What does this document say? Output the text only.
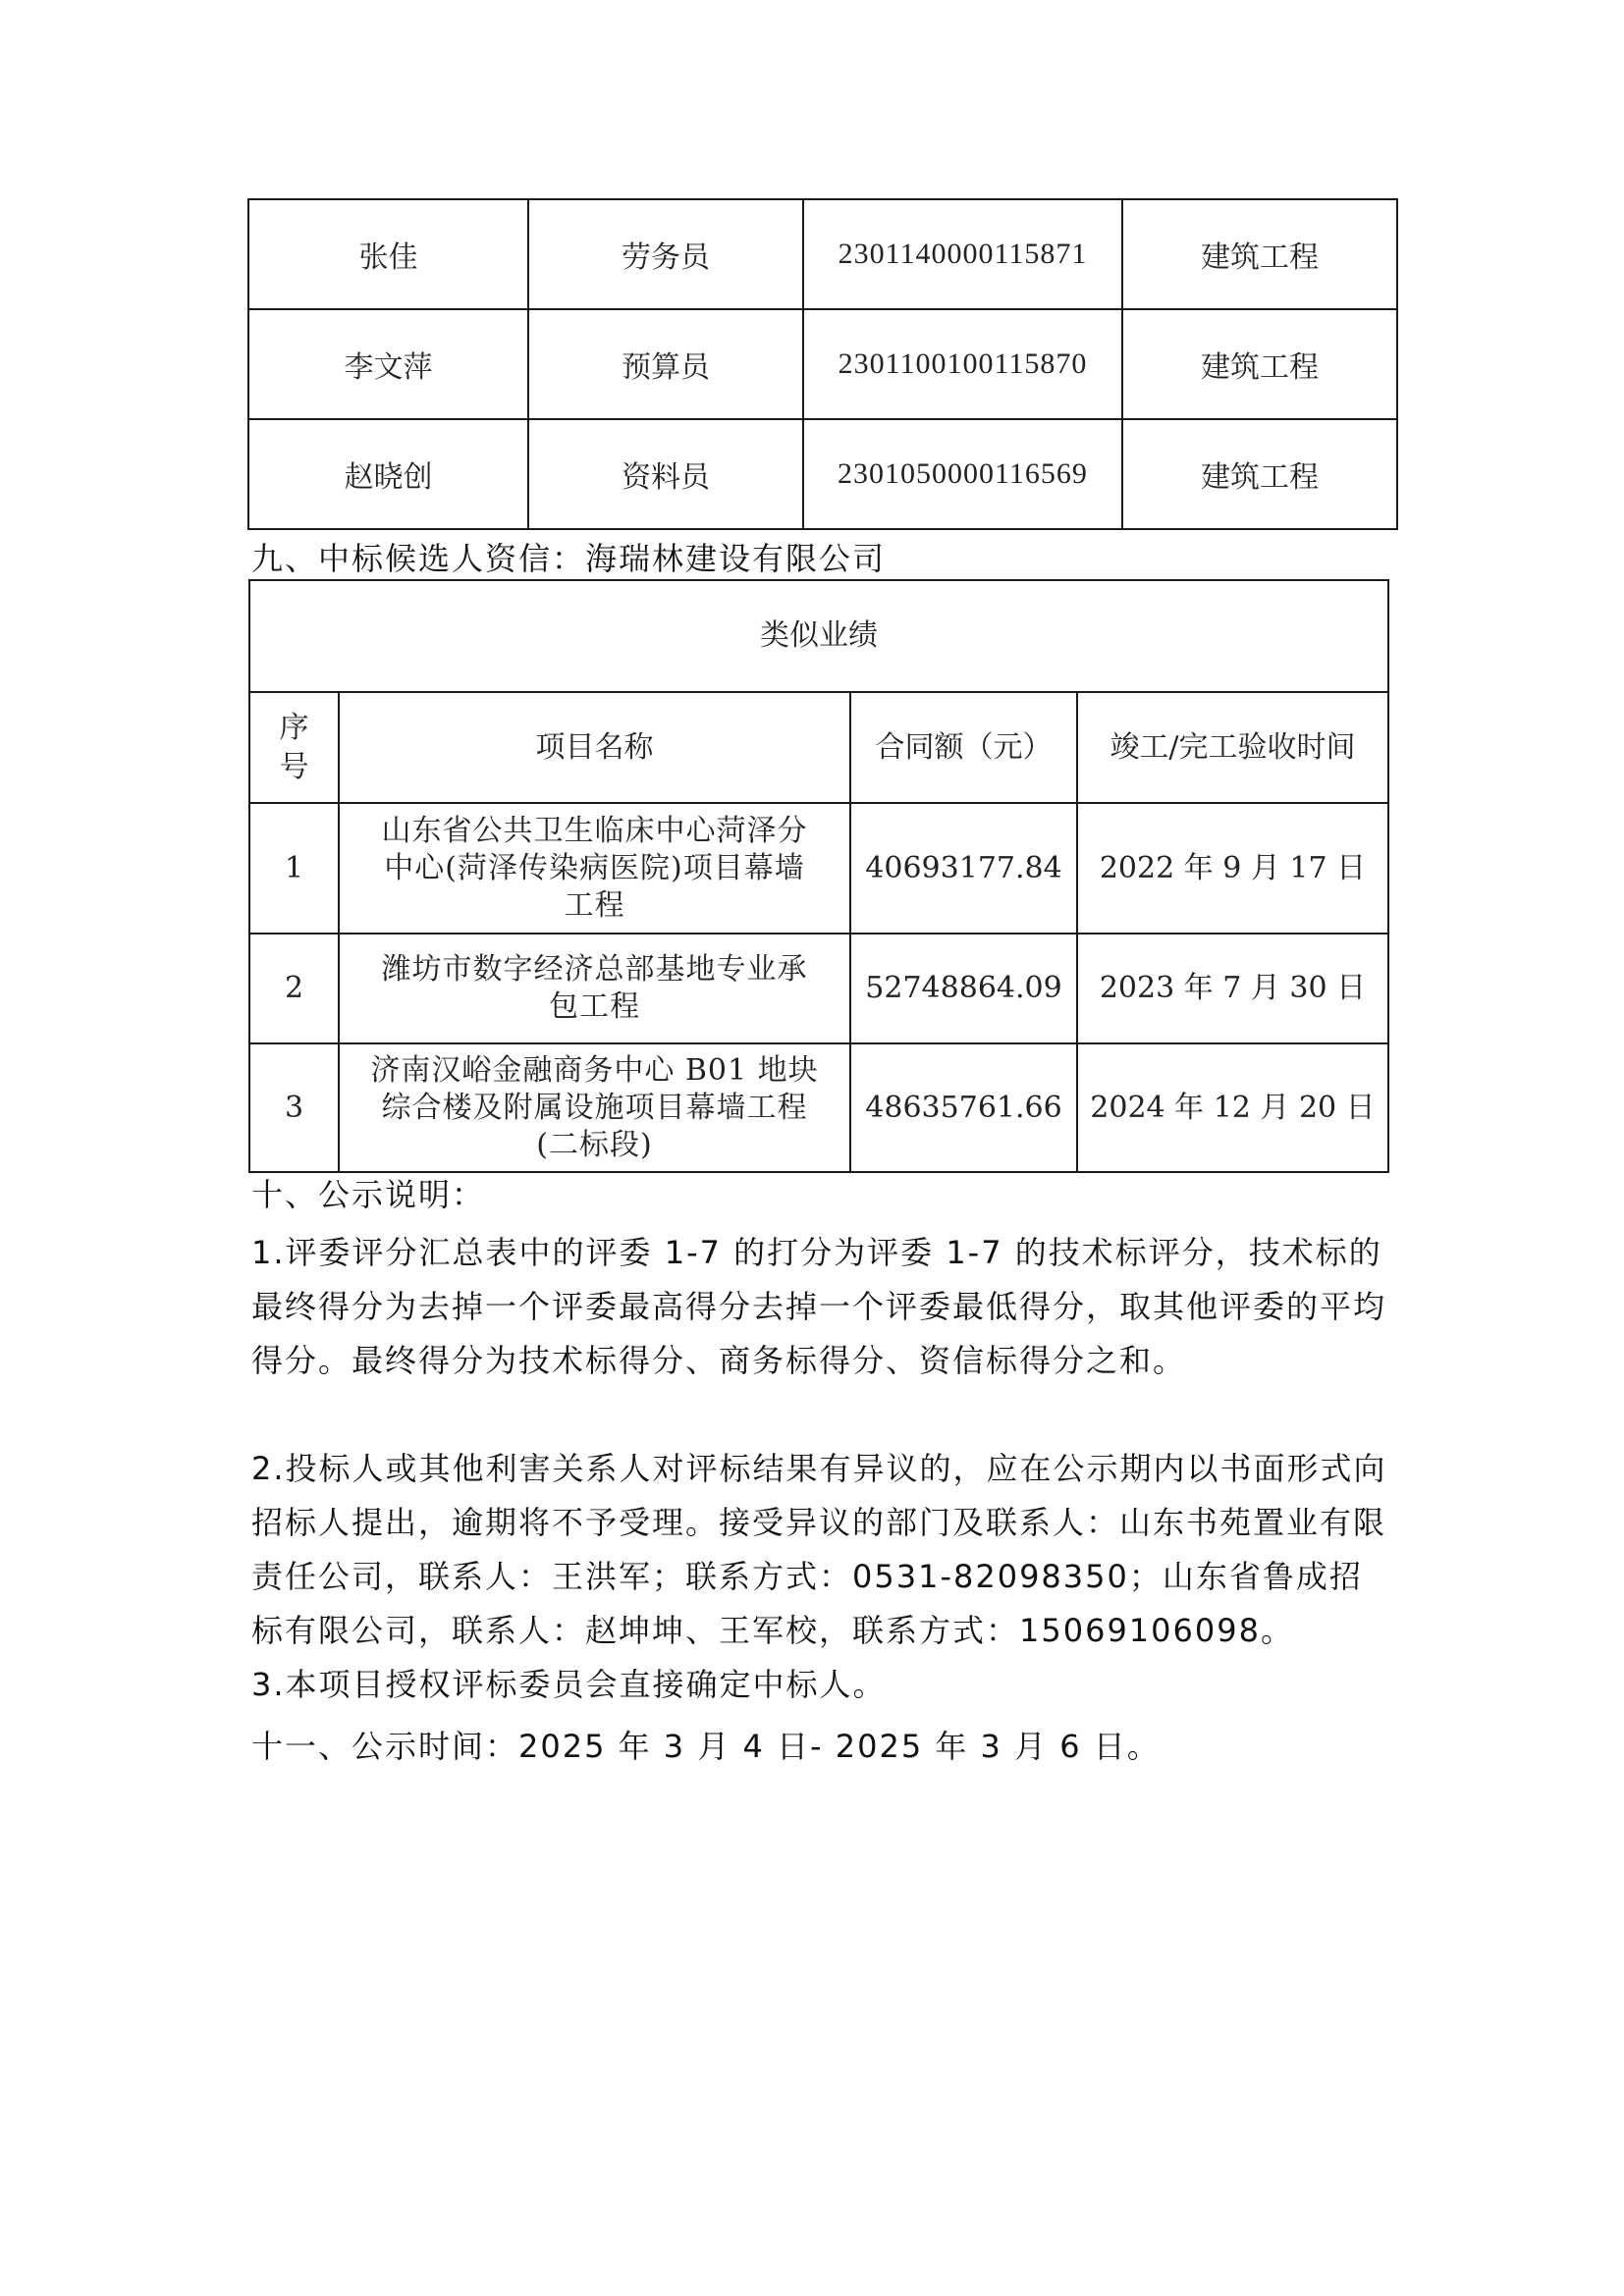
张佳	劳务员	2301140000115871	建筑工程
李文萍	预算员	2301100100115870	建筑工程
赵晓创	资料员	2301050000116569	建筑工程

九、中标候选人资信：海瑞林建设有限公司

类似业绩			
序
号	项目名称	合同额（元）	竣工/完工验收时间
1	山东省公共卫生临床中心菏泽分
中心(菏泽传染病医院)项目幕墙
工程	40693177.84	2022 年 9 月 17 日
2	潍坊市数字经济总部基地专业承
包工程	52748864.09	2023 年 7 月 30 日
3	济南汉峪金融商务中心 B01 地块
综合楼及附属设施项目幕墙工程
(二标段)	48635761.66	2024 年 12 月 20 日

十、公示说明：

1.评委评分汇总表中的评委 1-7 的打分为评委 1-7 的技术标评分，技术标的最终得分为去掉一个评委最高得分去掉一个评委最低得分，取其他评委的平均得分。最终得分为技术标得分、商务标得分、资信标得分之和。

2.投标人或其他利害关系人对评标结果有异议的，应在公示期内以书面形式向招标人提出，逾期将不予受理。接受异议的部门及联系人：山东书苑置业有限责任公司，联系人：王洪军；联系方式：0531-82098350；山东省鲁成招标有限公司，联系人：赵坤坤、王军校，联系方式：15069106098。

3.本项目授权评标委员会直接确定中标人。

十一、公示时间：2025 年 3 月 4 日- 2025 年 3 月 6 日。
